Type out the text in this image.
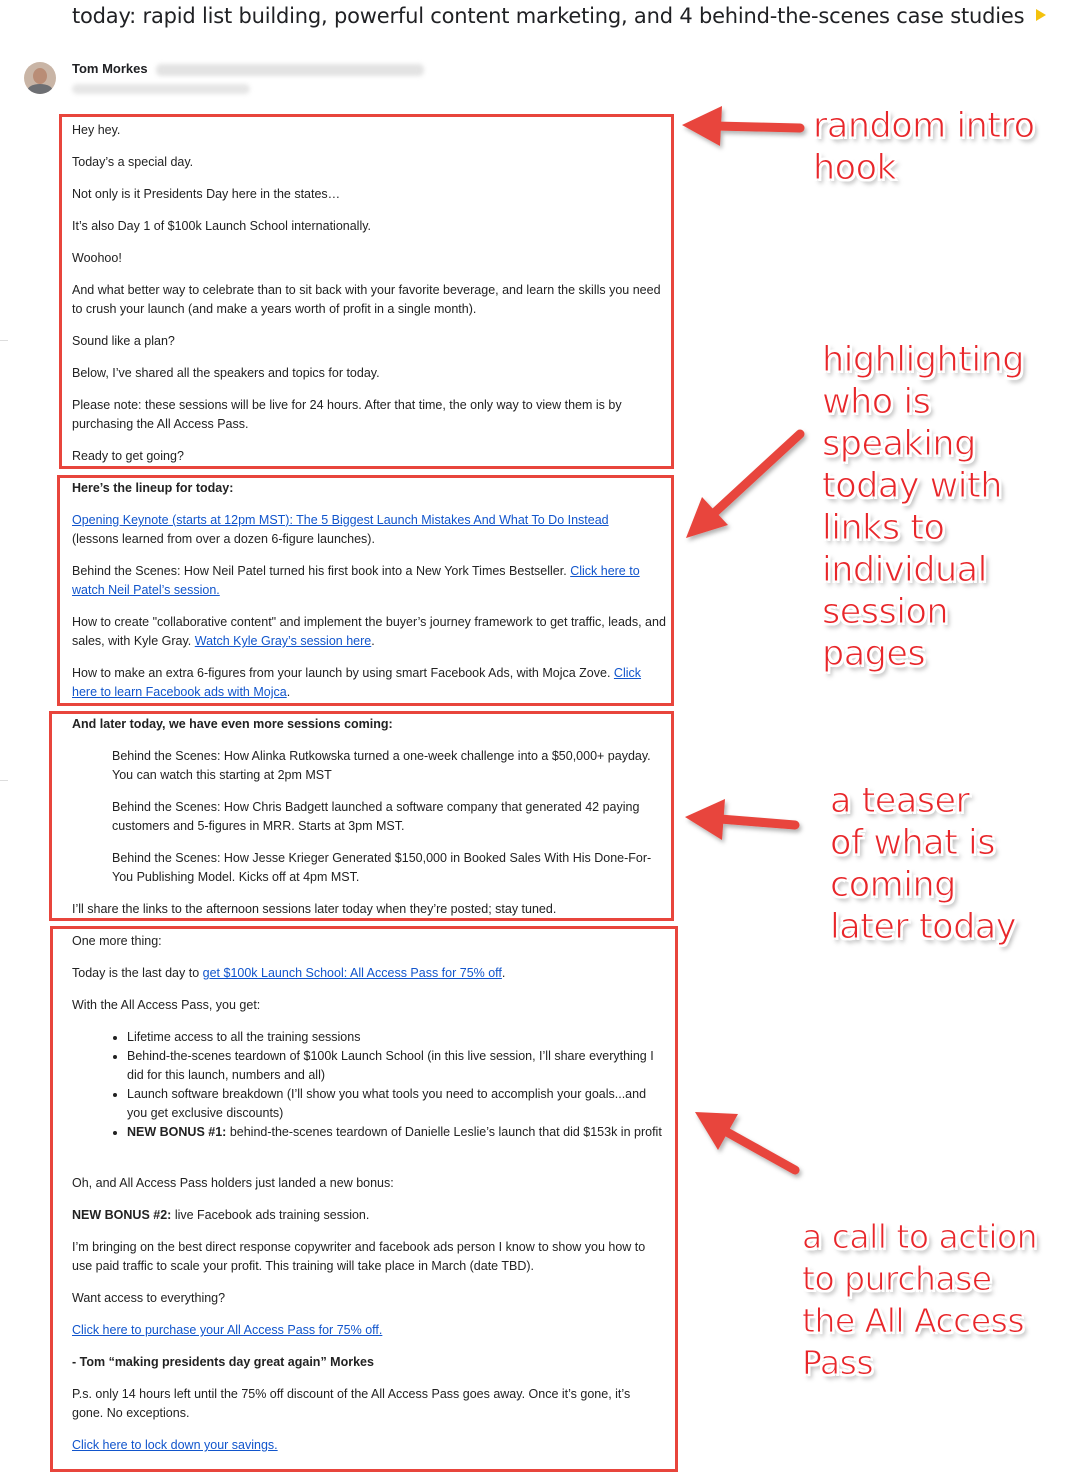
today: rapid list building, powerful content marketing, and 4 behind-the-scenes case studies
Tom Morkes
Hey hey.
Today’s a special day.
Not only is it Presidents Day here in the states…
It’s also Day 1 of $100k Launch School internationally.
Woohoo!
And what better way to celebrate than to sit back with your favorite beverage, and learn the skills you need to crush your launch (and make a years worth of profit in a single month).
Sound like a plan?
Below, I’ve shared all the speakers and topics for today.
Please note: these sessions will be live for 24 hours. After that time, the only way to view them is by purchasing the All Access Pass.
Ready to get going?
Here’s the lineup for today:
Opening Keynote (starts at 12pm MST): The 5 Biggest Launch Mistakes And What To Do Instead
(lessons learned from over a dozen 6-figure launches).
Behind the Scenes: How Neil Patel turned his first book into a New York Times Bestseller. Click here to watch Neil Patel’s session.
How to create "collaborative content" and implement the buyer’s journey framework to get traffic, leads, and sales, with Kyle Gray. Watch Kyle Gray’s session here.
How to make an extra 6-figures from your launch by using smart Facebook Ads, with Mojca Zove. Click here to learn Facebook ads with Mojca.
And later today, we have even more sessions coming:
Behind the Scenes: How Alinka Rutkowska turned a one-week challenge into a $50,000+ payday. You can watch this starting at 2pm MST
Behind the Scenes: How Chris Badgett launched a software company that generated 42 paying customers and 5-figures in MRR. Starts at 3pm MST.
Behind the Scenes: How Jesse Krieger Generated $150,000 in Booked Sales With His Done-For-You Publishing Model. Kicks off at 4pm MST.
I’ll share the links to the afternoon sessions later today when they’re posted; stay tuned.
One more thing:
Today is the last day to get $100k Launch School: All Access Pass for 75% off.
With the All Access Pass, you get:
• Lifetime access to all the training sessions
• Behind-the-scenes teardown of $100k Launch School (in this live session, I’ll share everything I did for this launch, numbers and all)
• Launch software breakdown (I’ll show you what tools you need to accomplish your goals...and you get exclusive discounts)
• NEW BONUS #1: behind-the-scenes teardown of Danielle Leslie’s launch that did $153k in profit
Oh, and All Access Pass holders just landed a new bonus:
NEW BONUS #2: live Facebook ads training session.
I’m bringing on the best direct response copywriter and facebook ads person I know to show you how to use paid traffic to scale your profit. This training will take place in March (date TBD).
Want access to everything?
Click here to purchase your All Access Pass for 75% off.
- Tom “making presidents day great again” Morkes
P.s. only 14 hours left until the 75% off discount of the All Access Pass goes away. Once it’s gone, it’s gone. No exceptions.
Click here to lock down your savings.
random intro
hook
highlighting
who is
speaking
today with
links to
individual
session
pages
a teaser
of what is
coming
later today
a call to action
to purchase
the All Access
Pass
